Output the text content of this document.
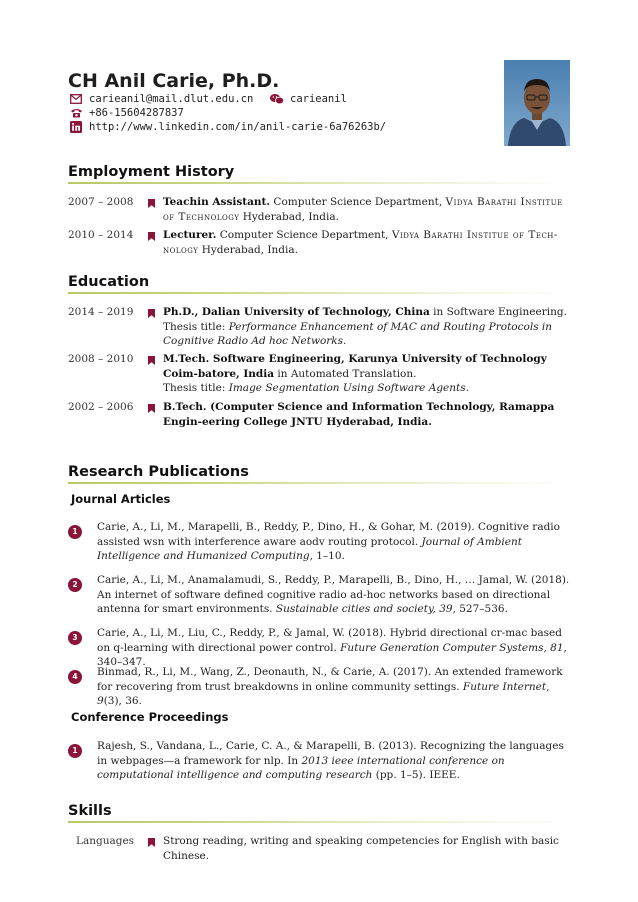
CH Anil Carie, Ph.D.
carieanil@mail.dlut.edu.cn	carieanil
+86-15604287837
http://www.linkedin.com/in/anil-carie-6a76263b/
Employment History
2007 – 2008	Teachin Assistant. Computer Science Department, Vidya Barathi Institue of Technology Hyderabad, India.
2010 – 2014	Lecturer. Computer Science Department, Vidya Barathi Institue of Tech-nology Hyderabad, India.
Education
2014 – 2019	Ph.D., Dalian University of Technology, China in Software Engineering.
Thesis title: Performance Enhancement of MAC and Routing Protocols in Cognitive Radio Ad hoc Networks.
2008 – 2010	M.Tech. Software Engineering, Karunya University of Technology Coim-batore, India in Automated Translation.
Thesis title: Image Segmentation Using Software Agents.
2002 – 2006	B.Tech. (Computer Science and Information Technology, Ramappa Engin-eering College JNTU Hyderabad, India.
Research Publications
Journal Articles
1	Carie, A., Li, M., Marapelli, B., Reddy, P., Dino, H., & Gohar, M. (2019). Cognitive radio assisted wsn with interference aware aodv routing protocol. Journal of Ambient Intelligence and Humanized Computing, 1–10.
2	Carie, A., Li, M., Anamalamudi, S., Reddy, P., Marapelli, B., Dino, H., … Jamal, W. (2018). An internet of software defined cognitive radio ad-hoc networks based on directional antenna for smart environments. Sustainable cities and society, 39, 527–536.
3	Carie, A., Li, M., Liu, C., Reddy, P., & Jamal, W. (2018). Hybrid directional cr-mac based on q-learning with directional power control. Future Generation Computer Systems, 81, 340–347.
4	Binmad, R., Li, M., Wang, Z., Deonauth, N., & Carie, A. (2017). An extended framework for recovering from trust breakdowns in online community settings. Future Internet, 9(3), 36.
Conference Proceedings
1	Rajesh, S., Vandana, L., Carie, C. A., & Marapelli, B. (2013). Recognizing the languages in webpages—a framework for nlp. In 2013 ieee international conference on computational intelligence and computing research (pp. 1–5). IEEE.
Skills
Languages	Strong reading, writing and speaking competencies for English with basic Chinese.
